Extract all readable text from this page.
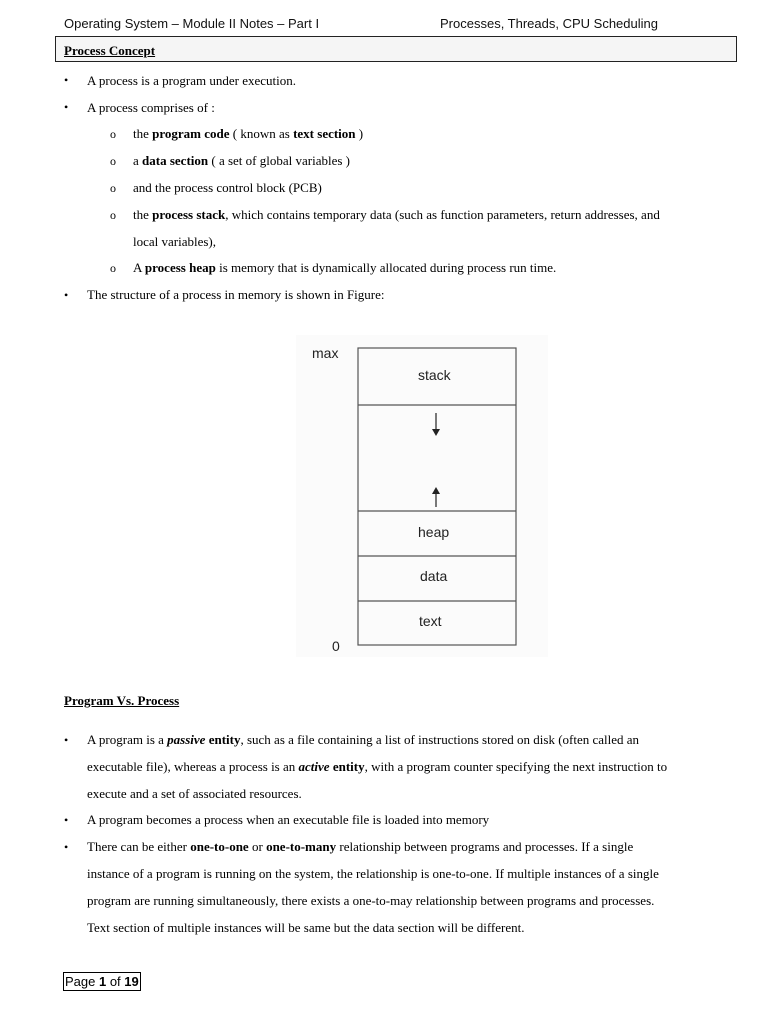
Operating System – Module II Notes – Part I	Processes, Threads, CPU Scheduling
Process Concept
• A process is a program under execution.
• A process comprises of :
o the program code ( known as text section )
o a data section ( a set of global variables )
o and the process control block (PCB)
o the process stack, which contains temporary data (such as function parameters, return addresses, and
local variables),
o A process heap is memory that is dynamically allocated during process run time.
• The structure of a process in memory is shown in Figure:
max
0
stack
heap
data
text
Program Vs. Process
• A program is a passive entity, such as a file containing a list of instructions stored on disk (often called an
executable file), whereas a process is an active entity, with a program counter specifying the next instruction to
execute and a set of associated resources.
• A program becomes a process when an executable file is loaded into memory
• There can be either one-to-one or one-to-many relationship between programs and processes. If a single
instance of a program is running on the system, the relationship is one-to-one. If multiple instances of a single
program are running simultaneously, there exists a one-to-may relationship between programs and processes.
Text section of multiple instances will be same but the data section will be different.
Page 1 of 19
